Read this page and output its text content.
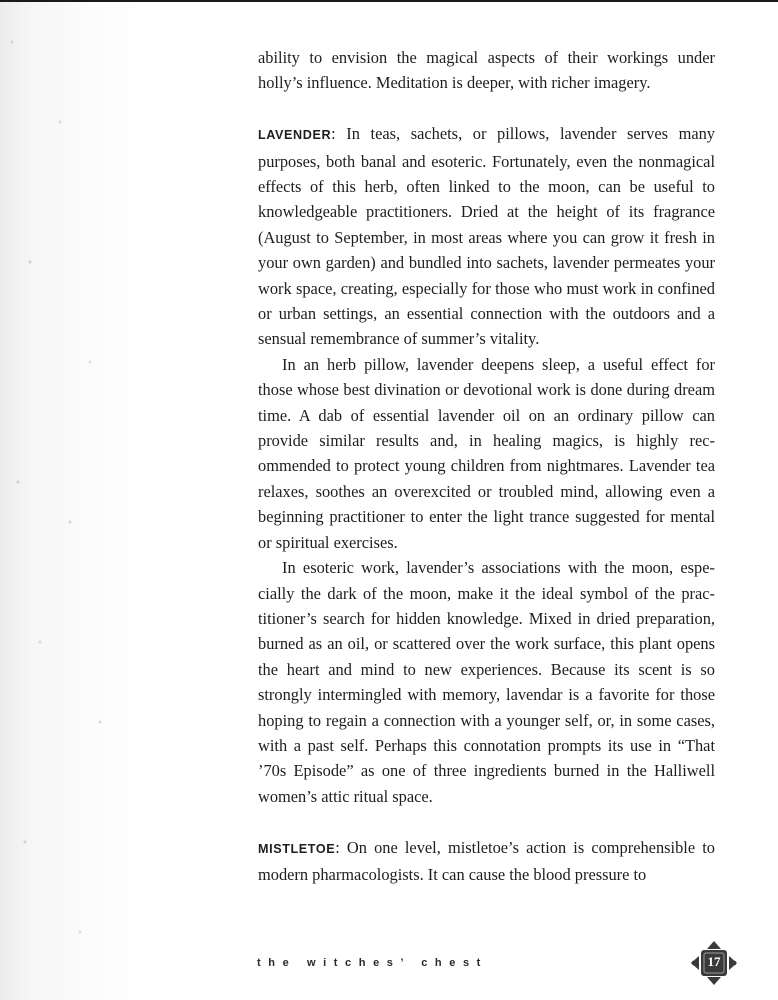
ability to envision the magical aspects of their workings under holly’s influence. Meditation is deeper, with richer imagery.

LAVENDER: In teas, sachets, or pillows, lavender serves many purposes, both banal and esoteric. Fortunately, even the nonmagical effects of this herb, often linked to the moon, can be useful to knowledgeable practitioners. Dried at the height of its fragrance (August to September, in most areas where you can grow it fresh in your own garden) and bundled into sachets, lavender permeates your work space, creating, especially for those who must work in confined or urban settings, an essential connection with the outdoors and a sensual remembrance of summer’s vitality.

In an herb pillow, lavender deepens sleep, a useful effect for those whose best divination or devotional work is done during dream time. A dab of essential lavender oil on an ordinary pillow can provide similar results and, in healing magics, is highly recommended to protect young children from nightmares. Lavender tea relaxes, soothes an overexcited or troubled mind, allowing even a beginning practitioner to enter the light trance suggested for mental or spiritual exercises.

In esoteric work, lavender’s associations with the moon, especially the dark of the moon, make it the ideal symbol of the practitioner’s search for hidden knowledge. Mixed in dried preparation, burned as an oil, or scattered over the work surface, this plant opens the heart and mind to new experiences. Because its scent is so strongly intermingled with memory, lavendar is a favorite for those hoping to regain a connection with a younger self, or, in some cases, with a past self. Perhaps this connotation prompts its use in “That ’70s Episode” as one of three ingredients burned in the Halliwell women’s attic ritual space.

MISTLETOE: On one level, mistletoe’s action is comprehensible to modern pharmacologists. It can cause the blood pressure to

the witches’ chest	17
